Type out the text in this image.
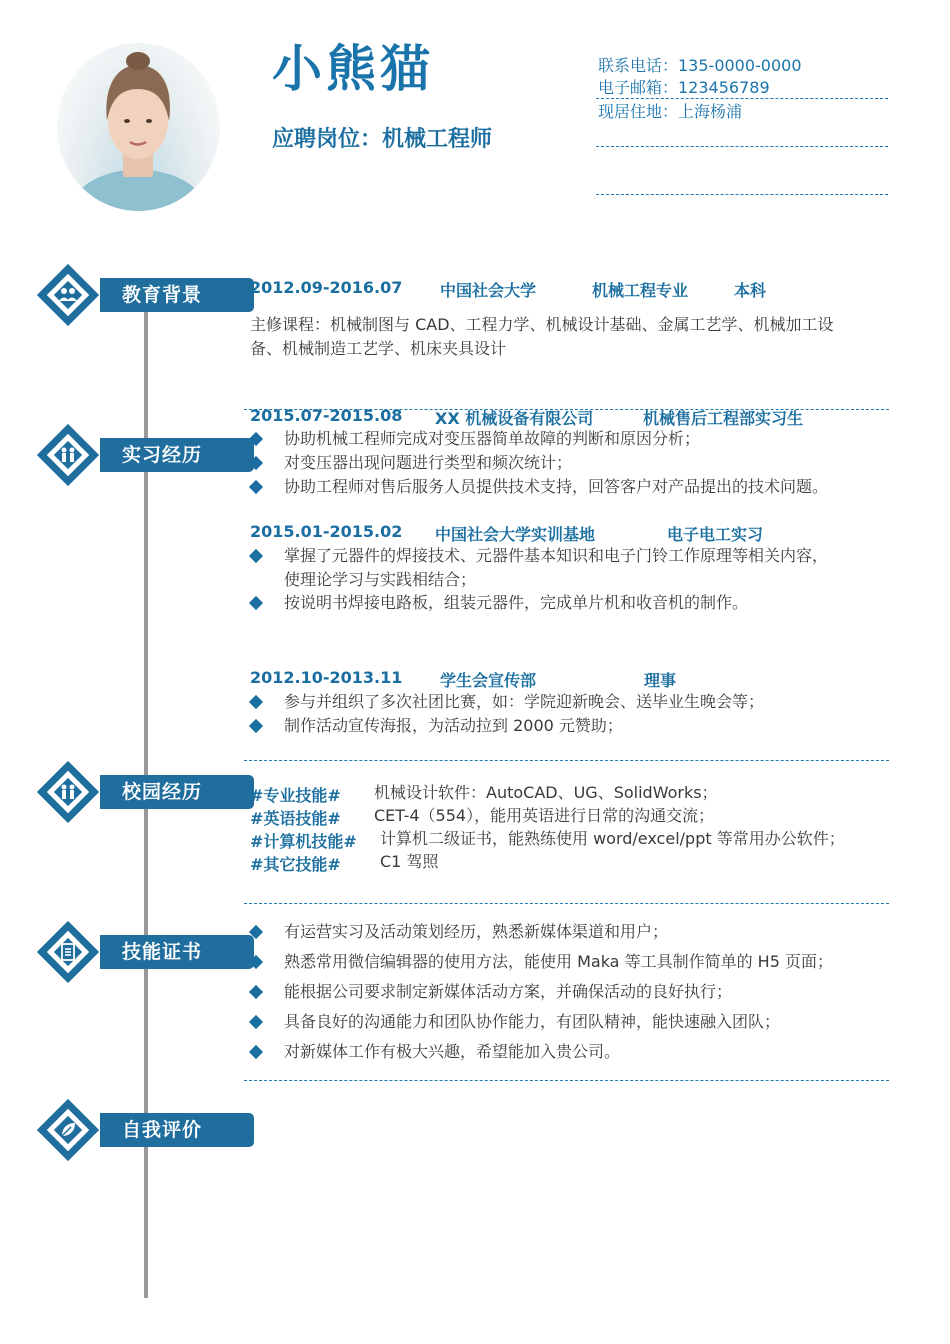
小熊猫
应聘岗位：机械工程师
联系电话：135-0000-0000
电子邮箱：123456789
现居住地：上海杨浦
教育背景
实习经历
校园经历
技能证书
自我评价
2012.09-2016.07 中国社会大学	机械工程专业	本科
主修课程：机械制图与 CAD、工程力学、机械设计基础、金属工艺学、机械加工设
备、机械制造工艺学、机床夹具设计
2015.07-2015.08 XX 机械设备有限公司	机械售后工程部实习生
协助机械工程师完成对变压器简单故障的判断和原因分析；
对变压器出现问题进行类型和频次统计；
协助工程师对售后服务人员提供技术支持，回答客户对产品提出的技术问题。
2015.01-2015.02 中国社会大学实训基地	电子电工实习
掌握了元器件的焊接技术、元器件基本知识和电子门铃工作原理等相关内容，
使理论学习与实践相结合；
按说明书焊接电路板，组装元器件，完成单片机和收音机的制作。
2012.10-2013.11 学生会宣传部	理事
参与并组织了多次社团比赛，如：学院迎新晚会、送毕业生晚会等；
制作活动宣传海报，为活动拉到 2000 元赞助；
#专业技能# 机械设计软件：AutoCAD、UG、SolidWorks；
#英语技能# CET-4（554），能用英语进行日常的沟通交流；
#计算机技能# 计算机二级证书，能熟练使用 word/excel/ppt 等常用办公软件；
#其它技能# C1 驾照
有运营实习及活动策划经历，熟悉新媒体渠道和用户；
熟悉常用微信编辑器的使用方法，能使用 Maka 等工具制作简单的 H5 页面；
能根据公司要求制定新媒体活动方案，并确保活动的良好执行；
具备良好的沟通能力和团队协作能力，有团队精神，能快速融入团队；
对新媒体工作有极大兴趣，希望能加入贵公司。
